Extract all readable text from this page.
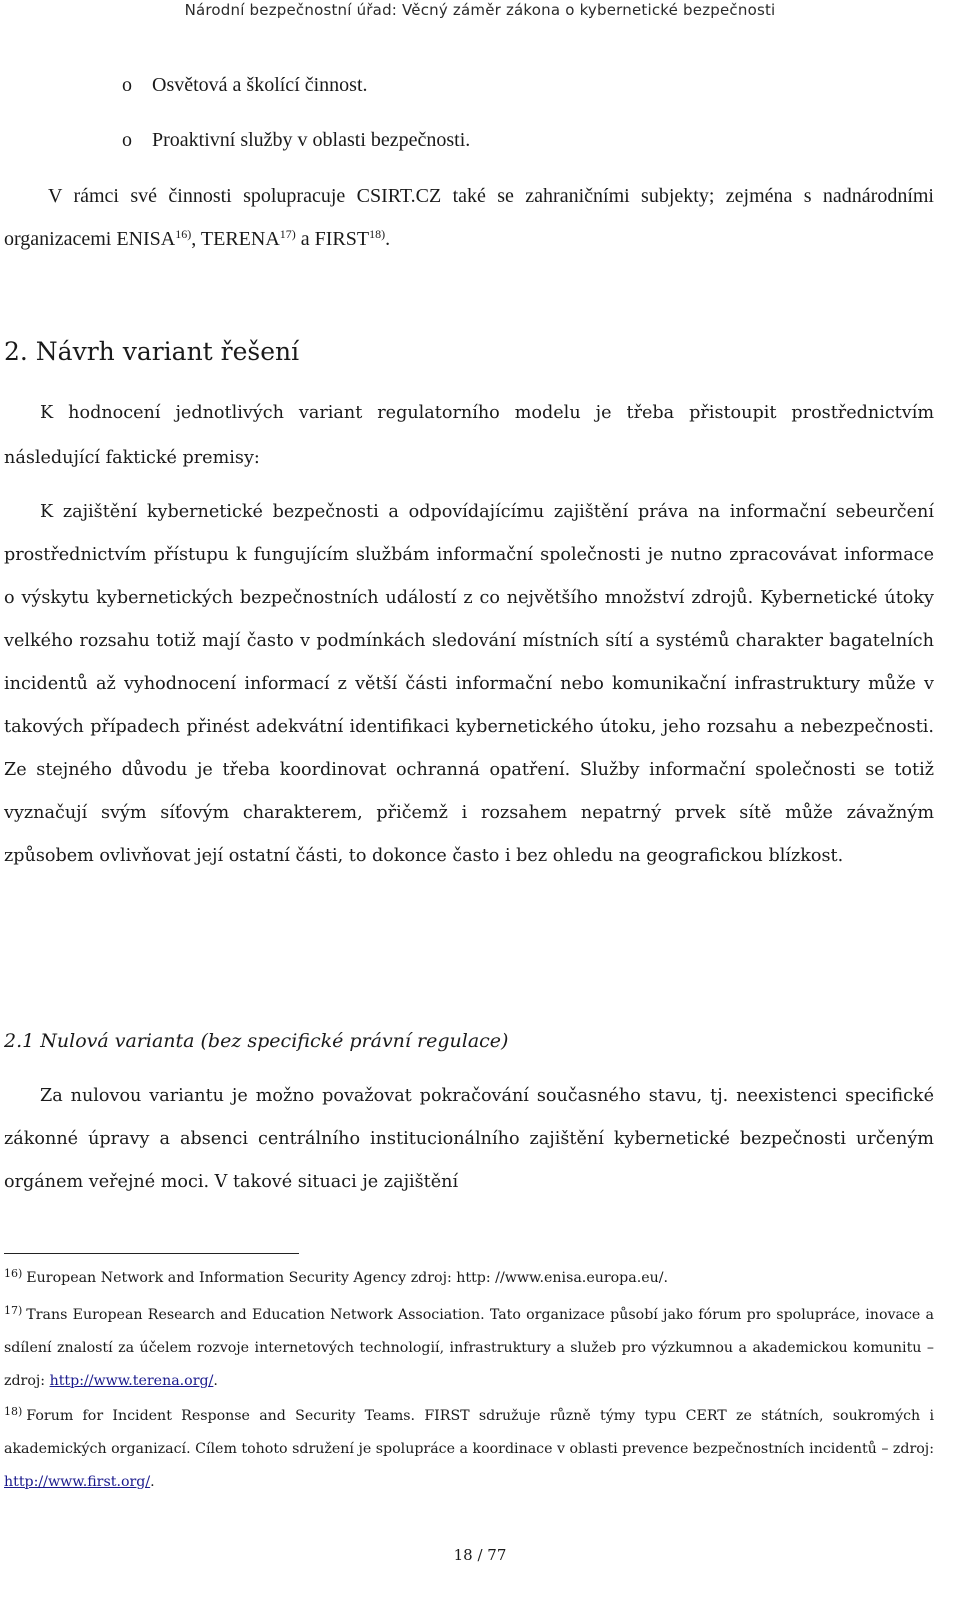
Národní bezpečnostní úřad: Věcný záměr zákona o kybernetické bezpečnosti
o Osvětová a školící činnost.
o Proaktivní služby v oblasti bezpečnosti.
V rámci své činnosti spolupracuje CSIRT.CZ také se zahraničními subjekty; zejména s nadnárodními organizacemi ENISA$^{16)}$, TERENA$^{17)}$ a FIRST$^{18)}$.
2. Návrh variant řešení
K hodnocení jednotlivých variant regulatorního modelu je třeba přistoupit prostřednictvím následující faktické premisy:
K zajištění kybernetické bezpečnosti a odpovídajícímu zajištění práva na informační sebeurčení prostřednictvím přístupu k fungujícím službám informační společnosti je nutno zpracovávat informace o výskytu kybernetických bezpečnostních událostí z co největšího množství zdrojů. Kybernetické útoky velkého rozsahu totiž mají často v podmínkách sledování místních sítí a systémů charakter bagatelních incidentů až vyhodnocení informací z větší části informační nebo komunikační infrastruktury může v takových případech přinést adekvátní identifikaci kybernetického útoku, jeho rozsahu a nebezpečnosti. Ze stejného důvodu je třeba koordinovat ochranná opatření. Služby informační společnosti se totiž vyznačují svým síťovým charakterem, přičemž i rozsahem nepatrný prvek sítě může závažným způsobem ovlivňovat její ostatní části, to dokonce často i bez ohledu na geografickou blízkost.
2.1 Nulová varianta (bez specifické právní regulace)
Za nulovou variantu je možno považovat pokračování současného stavu, tj. neexistenci specifické zákonné úpravy a absenci centrálního institucionálního zajištění kybernetické bezpečnosti určeným orgánem veřejné moci. V takové situaci je zajištění
$^{16)}$ European Network and Information Security Agency zdroj: http: //www.enisa.europa.eu/.
$^{17)}$ Trans European Research and Education Network Association. Tato organizace působí jako fórum pro spolupráce, inovace a sdílení znalostí za účelem rozvoje internetových technologií, infrastruktury a služeb pro výzkumnou a akademickou komunitu – zdroj: http://www.terena.org/.
$^{18)}$ Forum for Incident Response and Security Teams. FIRST sdružuje různě týmy typu CERT ze státních, soukromých i akademických organizací. Cílem tohoto sdružení je spolupráce a koordinace v oblasti prevence bezpečnostních incidentů – zdroj: http://www.first.org/.
18 / 77
